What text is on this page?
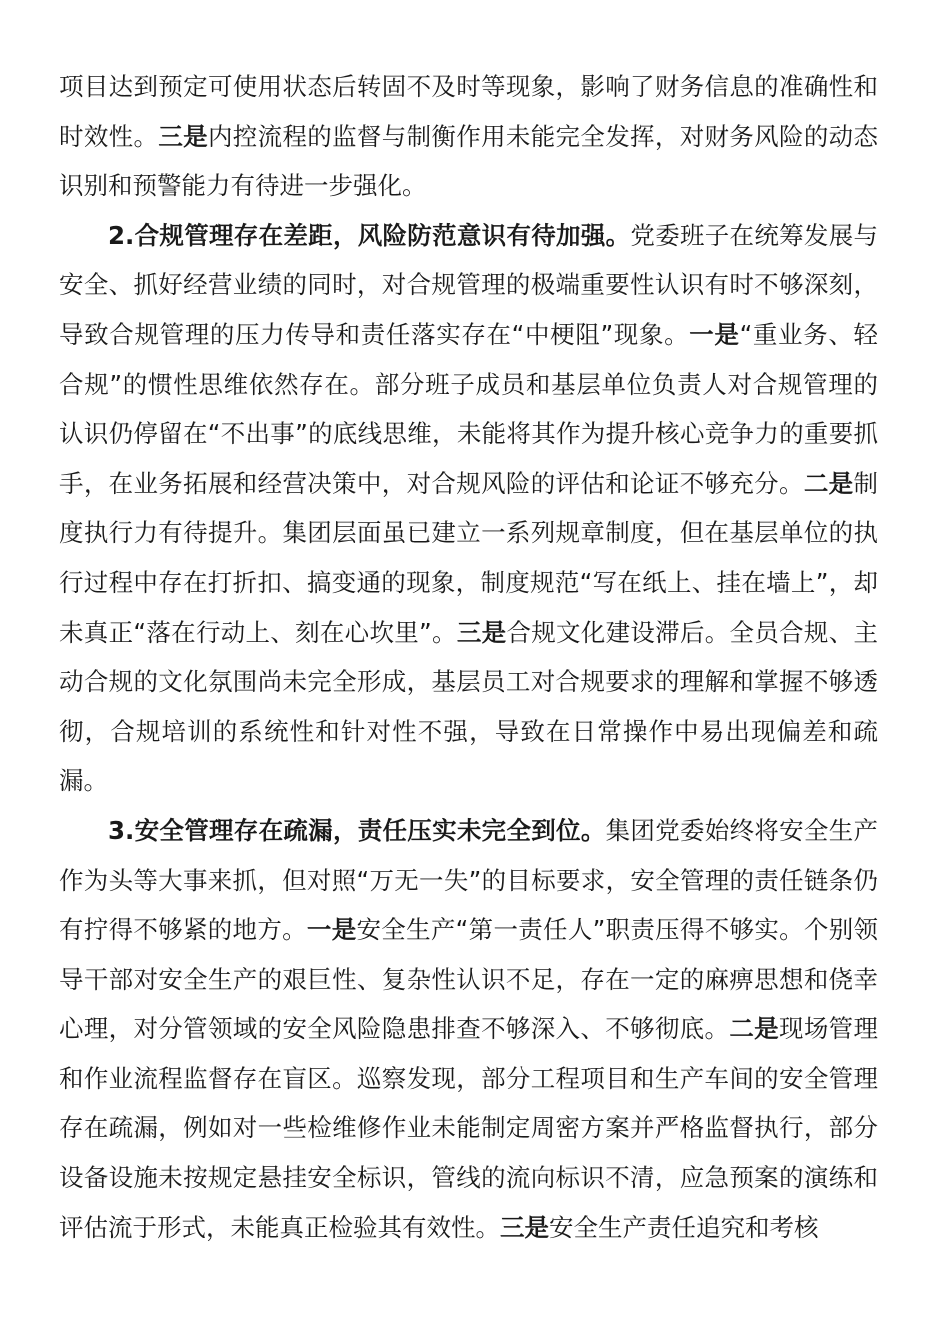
项目达到预定可使用状态后转固不及时等现象，影响了财务信息的准确性和时效性。三是内控流程的监督与制衡作用未能完全发挥，对财务风险的动态识别和预警能力有待进一步强化。

2.合规管理存在差距，风险防范意识有待加强。党委班子在统筹发展与安全、抓好经营业绩的同时，对合规管理的极端重要性认识有时不够深刻，导致合规管理的压力传导和责任落实存在“中梗阻”现象。一是“重业务、轻合规”的惯性思维依然存在。部分班子成员和基层单位负责人对合规管理的认识仍停留在“不出事”的底线思维，未能将其作为提升核心竞争力的重要抓手，在业务拓展和经营决策中，对合规风险的评估和论证不够充分。二是制度执行力有待提升。集团层面虽已建立一系列规章制度，但在基层单位的执行过程中存在打折扣、搞变通的现象，制度规范“写在纸上、挂在墙上”，却未真正“落在行动上、刻在心坎里”。三是合规文化建设滞后。全员合规、主动合规的文化氛围尚未完全形成，基层员工对合规要求的理解和掌握不够透彻，合规培训的系统性和针对性不强，导致在日常操作中易出现偏差和疏漏。

3.安全管理存在疏漏，责任压实未完全到位。集团党委始终将安全生产作为头等大事来抓，但对照“万无一失”的目标要求，安全管理的责任链条仍有拧得不够紧的地方。一是安全生产“第一责任人”职责压得不够实。个别领导干部对安全生产的艰巨性、复杂性认识不足，存在一定的麻痹思想和侥幸心理，对分管领域的安全风险隐患排查不够深入、不够彻底。二是现场管理和作业流程监督存在盲区。巡察发现，部分工程项目和生产车间的安全管理存在疏漏，例如对一些检维修作业未能制定周密方案并严格监督执行，部分设备设施未按规定悬挂安全标识，管线的流向标识不清，应急预案的演练和评估流于形式，未能真正检验其有效性。三是安全生产责任追究和考核
